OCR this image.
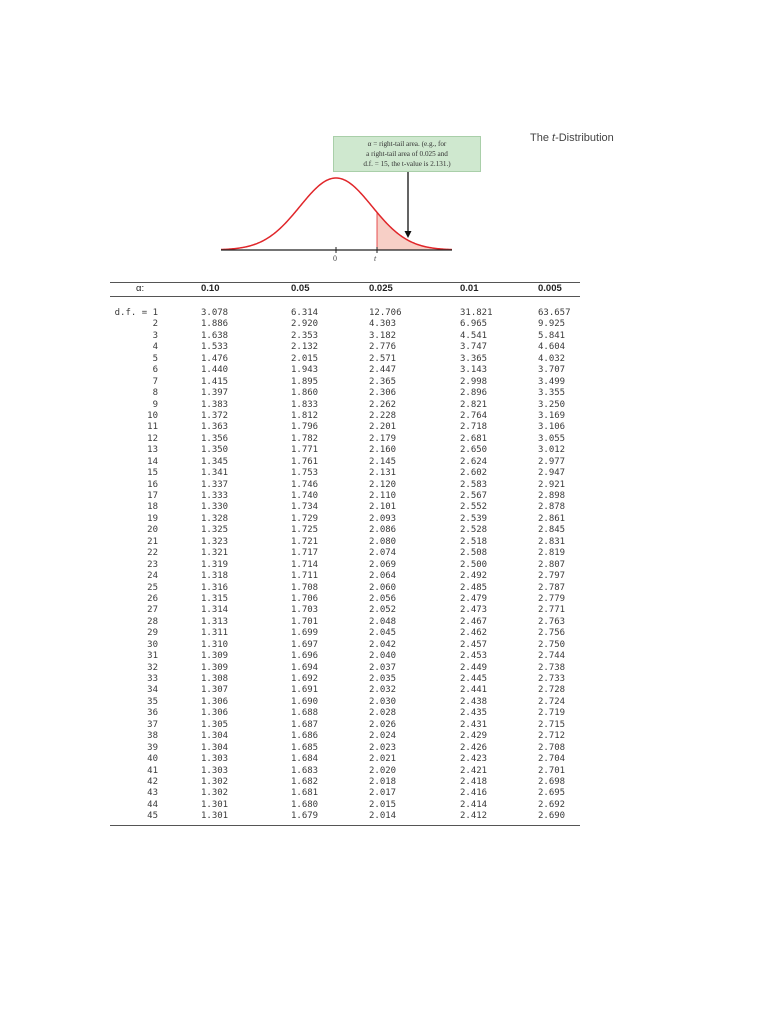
The t-Distribution
α = right-tail area. (e.g., for
a right-tail area of 0.025 and
d.f. = 15, the t-value is 2.131.)
0	t
α:	0.10	0.05	0.025	0.01	0.005
d.f. = 1	3.078	6.314	12.706	31.821	63.657
2	1.886	2.920	4.303	6.965	9.925
3	1.638	2.353	3.182	4.541	5.841
4	1.533	2.132	2.776	3.747	4.604
5	1.476	2.015	2.571	3.365	4.032
6	1.440	1.943	2.447	3.143	3.707
7	1.415	1.895	2.365	2.998	3.499
8	1.397	1.860	2.306	2.896	3.355
9	1.383	1.833	2.262	2.821	3.250
10	1.372	1.812	2.228	2.764	3.169
11	1.363	1.796	2.201	2.718	3.106
12	1.356	1.782	2.179	2.681	3.055
13	1.350	1.771	2.160	2.650	3.012
14	1.345	1.761	2.145	2.624	2.977
15	1.341	1.753	2.131	2.602	2.947
16	1.337	1.746	2.120	2.583	2.921
17	1.333	1.740	2.110	2.567	2.898
18	1.330	1.734	2.101	2.552	2.878
19	1.328	1.729	2.093	2.539	2.861
20	1.325	1.725	2.086	2.528	2.845
21	1.323	1.721	2.080	2.518	2.831
22	1.321	1.717	2.074	2.508	2.819
23	1.319	1.714	2.069	2.500	2.807
24	1.318	1.711	2.064	2.492	2.797
25	1.316	1.708	2.060	2.485	2.787
26	1.315	1.706	2.056	2.479	2.779
27	1.314	1.703	2.052	2.473	2.771
28	1.313	1.701	2.048	2.467	2.763
29	1.311	1.699	2.045	2.462	2.756
30	1.310	1.697	2.042	2.457	2.750
31	1.309	1.696	2.040	2.453	2.744
32	1.309	1.694	2.037	2.449	2.738
33	1.308	1.692	2.035	2.445	2.733
34	1.307	1.691	2.032	2.441	2.728
35	1.306	1.690	2.030	2.438	2.724
36	1.306	1.688	2.028	2.435	2.719
37	1.305	1.687	2.026	2.431	2.715
38	1.304	1.686	2.024	2.429	2.712
39	1.304	1.685	2.023	2.426	2.708
40	1.303	1.684	2.021	2.423	2.704
41	1.303	1.683	2.020	2.421	2.701
42	1.302	1.682	2.018	2.418	2.698
43	1.302	1.681	2.017	2.416	2.695
44	1.301	1.680	2.015	2.414	2.692
45	1.301	1.679	2.014	2.412	2.690
